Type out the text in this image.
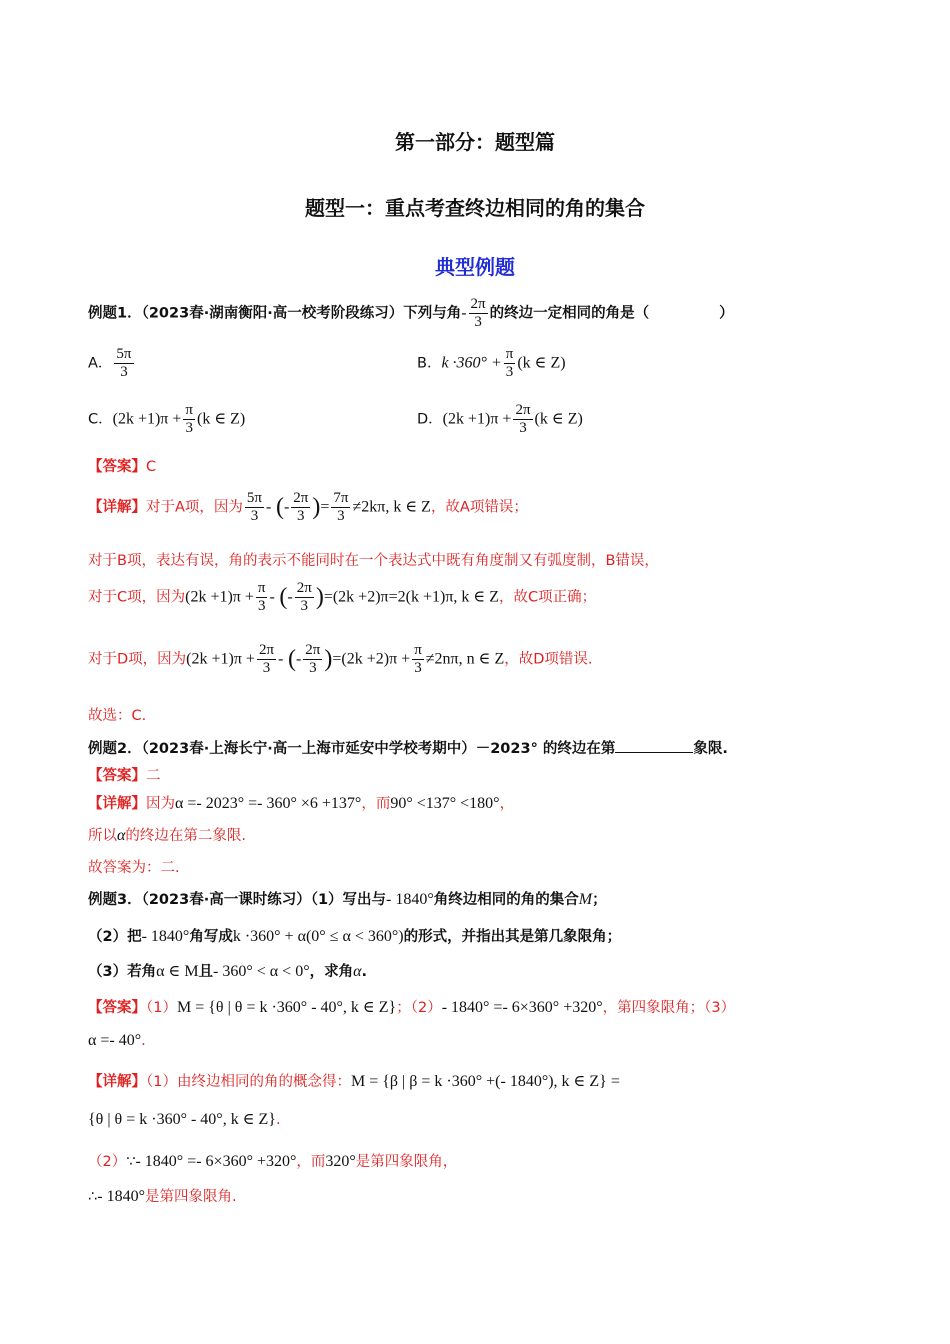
第一部分：题型篇
题型一：重点考查终边相同的角的集合
典型例题
例题1．（2023春·湖南衡阳·高一校考阶段练习）下列与角- $\frac{2\pi}{3}$ 的终边一定相同的角是（	）
A． $\frac{5\pi}{3}$	B．$k \cdot 360^\circ + \frac{\pi}{3} (k$ ∈ Z)
C．$(2k +1)\pi + \frac{\pi}{3} (k$ ∈ Z)	D．$(2k +1)\pi + \frac{2\pi}{3} (k$ ∈ Z)
【答案】C
【详解】对于A项，因为 $\frac{5\pi}{3}$ - (- $\frac{2\pi}{3}$ )= $\frac{7\pi}{3} \ne 2k\pi$, k ∈ Z，故A项错误；
对于B项，表达有误，角的表示不能同时在一个表达式中既有角度制又有弧度制，B错误，
对于C项，因为$(2k +1)\pi + \frac{\pi}{3}$ - (- $\frac{2\pi}{3} )=(2k +2)\pi=2(k +1)\pi$, k ∈ Z，故C项正确；
对于D项，因为$(2k +1)\pi + \frac{2\pi}{3}$ - (- $\frac{2\pi}{3} )=(2k +2)\pi + \frac{\pi}{3} \ne 2n\pi$, n ∈ Z，故D项错误.
故选：C.
例题2．（2023春·上海长宁·高一上海市延安中学校考期中）－2023° 的终边在第	象限.
【答案】二
【详解】因为α =- 2023° =- 360° ×6 +137°，而90° <137° <180°，
所以α的终边在第二象限.
故答案为：二.
例题3．（2023春·高一课时练习）（1）写出与- 1840°角终边相同的角的集合M；
（2）把- 1840°角写成k ·360° + α(0° ≤ α < 360°)的形式，并指出其是第几象限角；
（3）若角α ∈ M且- 360° < α < 0°，求角α.
【答案】（1）M = {θ | θ = k ·360° - 40°, k ∈ Z}；（2）- 1840° =- 6×360° +320°，第四象限角；（3）
α =- 40°.
【详解】（1）由终边相同的角的概念得：M = {β | β = k ·360° +(- 1840°), k ∈ Z} =
{θ | θ = k ·360° - 40°, k ∈ Z}.
（2）∵- 1840° =- 6×360° +320°，而320°是第四象限角，
∴- 1840°是第四象限角.
